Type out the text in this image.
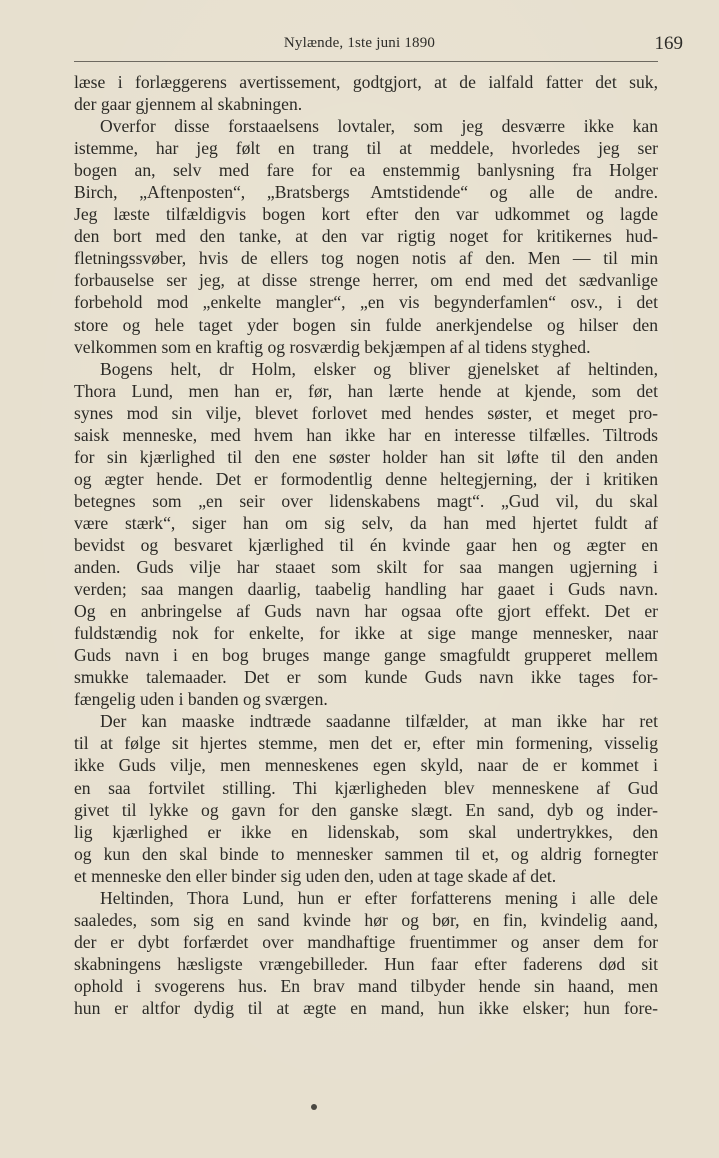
Nylænde, 1ste juni 1890	169
læse i forlæggerens avertissement, godtgjort, at de ialfald fatter det suk,
der gaar gjennem al skabningen.
Overfor disse forstaaelsens lovtaler, som jeg desværre ikke kan
istemme, har jeg følt en trang til at meddele, hvorledes jeg ser
bogen an, selv med fare for ea enstemmig banlysning fra Holger
Birch, „Aftenposten“, „Bratsbergs Amtstidende“ og alle de andre.
Jeg læste tilfældigvis bogen kort efter den var udkommet og lagde
den bort med den tanke, at den var rigtig noget for kritikernes hud-
fletningssvøber, hvis de ellers tog nogen notis af den. Men — til min
forbauselse ser jeg, at disse strenge herrer, om end med det sædvanlige
forbehold mod „enkelte mangler“, „en vis begynderfamlen“ osv., i det
store og hele taget yder bogen sin fulde anerkjendelse og hilser den
velkommen som en kraftig og rosværdig bekjæmpen af al tidens styghed.
Bogens helt, dr Holm, elsker og bliver gjenelsket af heltinden,
Thora Lund, men han er, før, han lærte hende at kjende, som det
synes mod sin vilje, blevet forlovet med hendes søster, et meget pro-
saisk menneske, med hvem han ikke har en interesse tilfælles. Tiltrods
for sin kjærlighed til den ene søster holder han sit løfte til den anden
og ægter hende. Det er formodentlig denne heltegjerning, der i kritiken
betegnes som „en seir over lidenskabens magt“. „Gud vil, du skal
være stærk“, siger han om sig selv, da han med hjertet fuldt af
bevidst og besvaret kjærlighed til én kvinde gaar hen og ægter en
anden. Guds vilje har staaet som skilt for saa mangen ugjerning i
verden; saa mangen daarlig, taabelig handling har gaaet i Guds navn.
Og en anbringelse af Guds navn har ogsaa ofte gjort effekt. Det er
fuldstændig nok for enkelte, for ikke at sige mange mennesker, naar
Guds navn i en bog bruges mange gange smagfuldt grupperet mellem
smukke talemaader. Det er som kunde Guds navn ikke tages for-
fængelig uden i banden og sværgen.
Der kan maaske indtræde saadanne tilfælder, at man ikke har ret
til at følge sit hjertes stemme, men det er, efter min formening, visselig
ikke Guds vilje, men menneskenes egen skyld, naar de er kommet i
en saa fortvilet stilling. Thi kjærligheden blev menneskene af Gud
givet til lykke og gavn for den ganske slægt. En sand, dyb og inder-
lig kjærlighed er ikke en lidenskab, som skal undertrykkes, den
og kun den skal binde to mennesker sammen til et, og aldrig fornegter
et menneske den eller binder sig uden den, uden at tage skade af det.
Heltinden, Thora Lund, hun er efter forfatterens mening i alle dele
saaledes, som sig en sand kvinde hør og bør, en fin, kvindelig aand,
der er dybt forfærdet over mandhaftige fruentimmer og anser dem for
skabningens hæsligste vrængebilleder. Hun faar efter faderens død sit
ophold i svogerens hus. En brav mand tilbyder hende sin haand, men
hun er altfor dydig til at ægte en mand, hun ikke elsker; hun fore-
